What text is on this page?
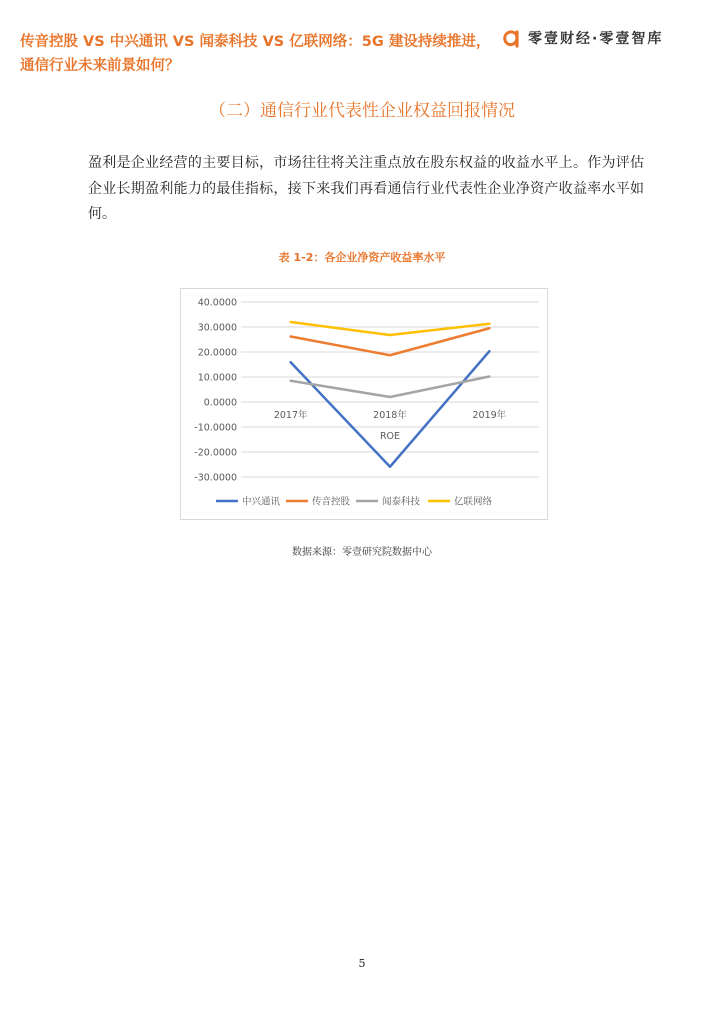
传音控股 VS 中兴通讯 VS 闻泰科技 VS 亿联网络：5G 建设持续推进，通信行业未来前景如何？
零壹财经·零壹智库
（二）通信行业代表性企业权益回报情况
盈利是企业经营的主要目标，市场往往将关注重点放在股东权益的收益水平上。作为评估企业长期盈利能力的最佳指标，接下来我们再看通信行业代表性企业净资产收益率水平如何。
表 1-2：各企业净资产收益率水平
40.0000
30.0000
20.0000
10.0000
0.0000
-10.0000
-20.0000
-30.0000
2017年	2018年	2019年
ROE
中兴通讯	传音控股	闻泰科技	亿联网络
数据来源：零壹研究院数据中心
5
